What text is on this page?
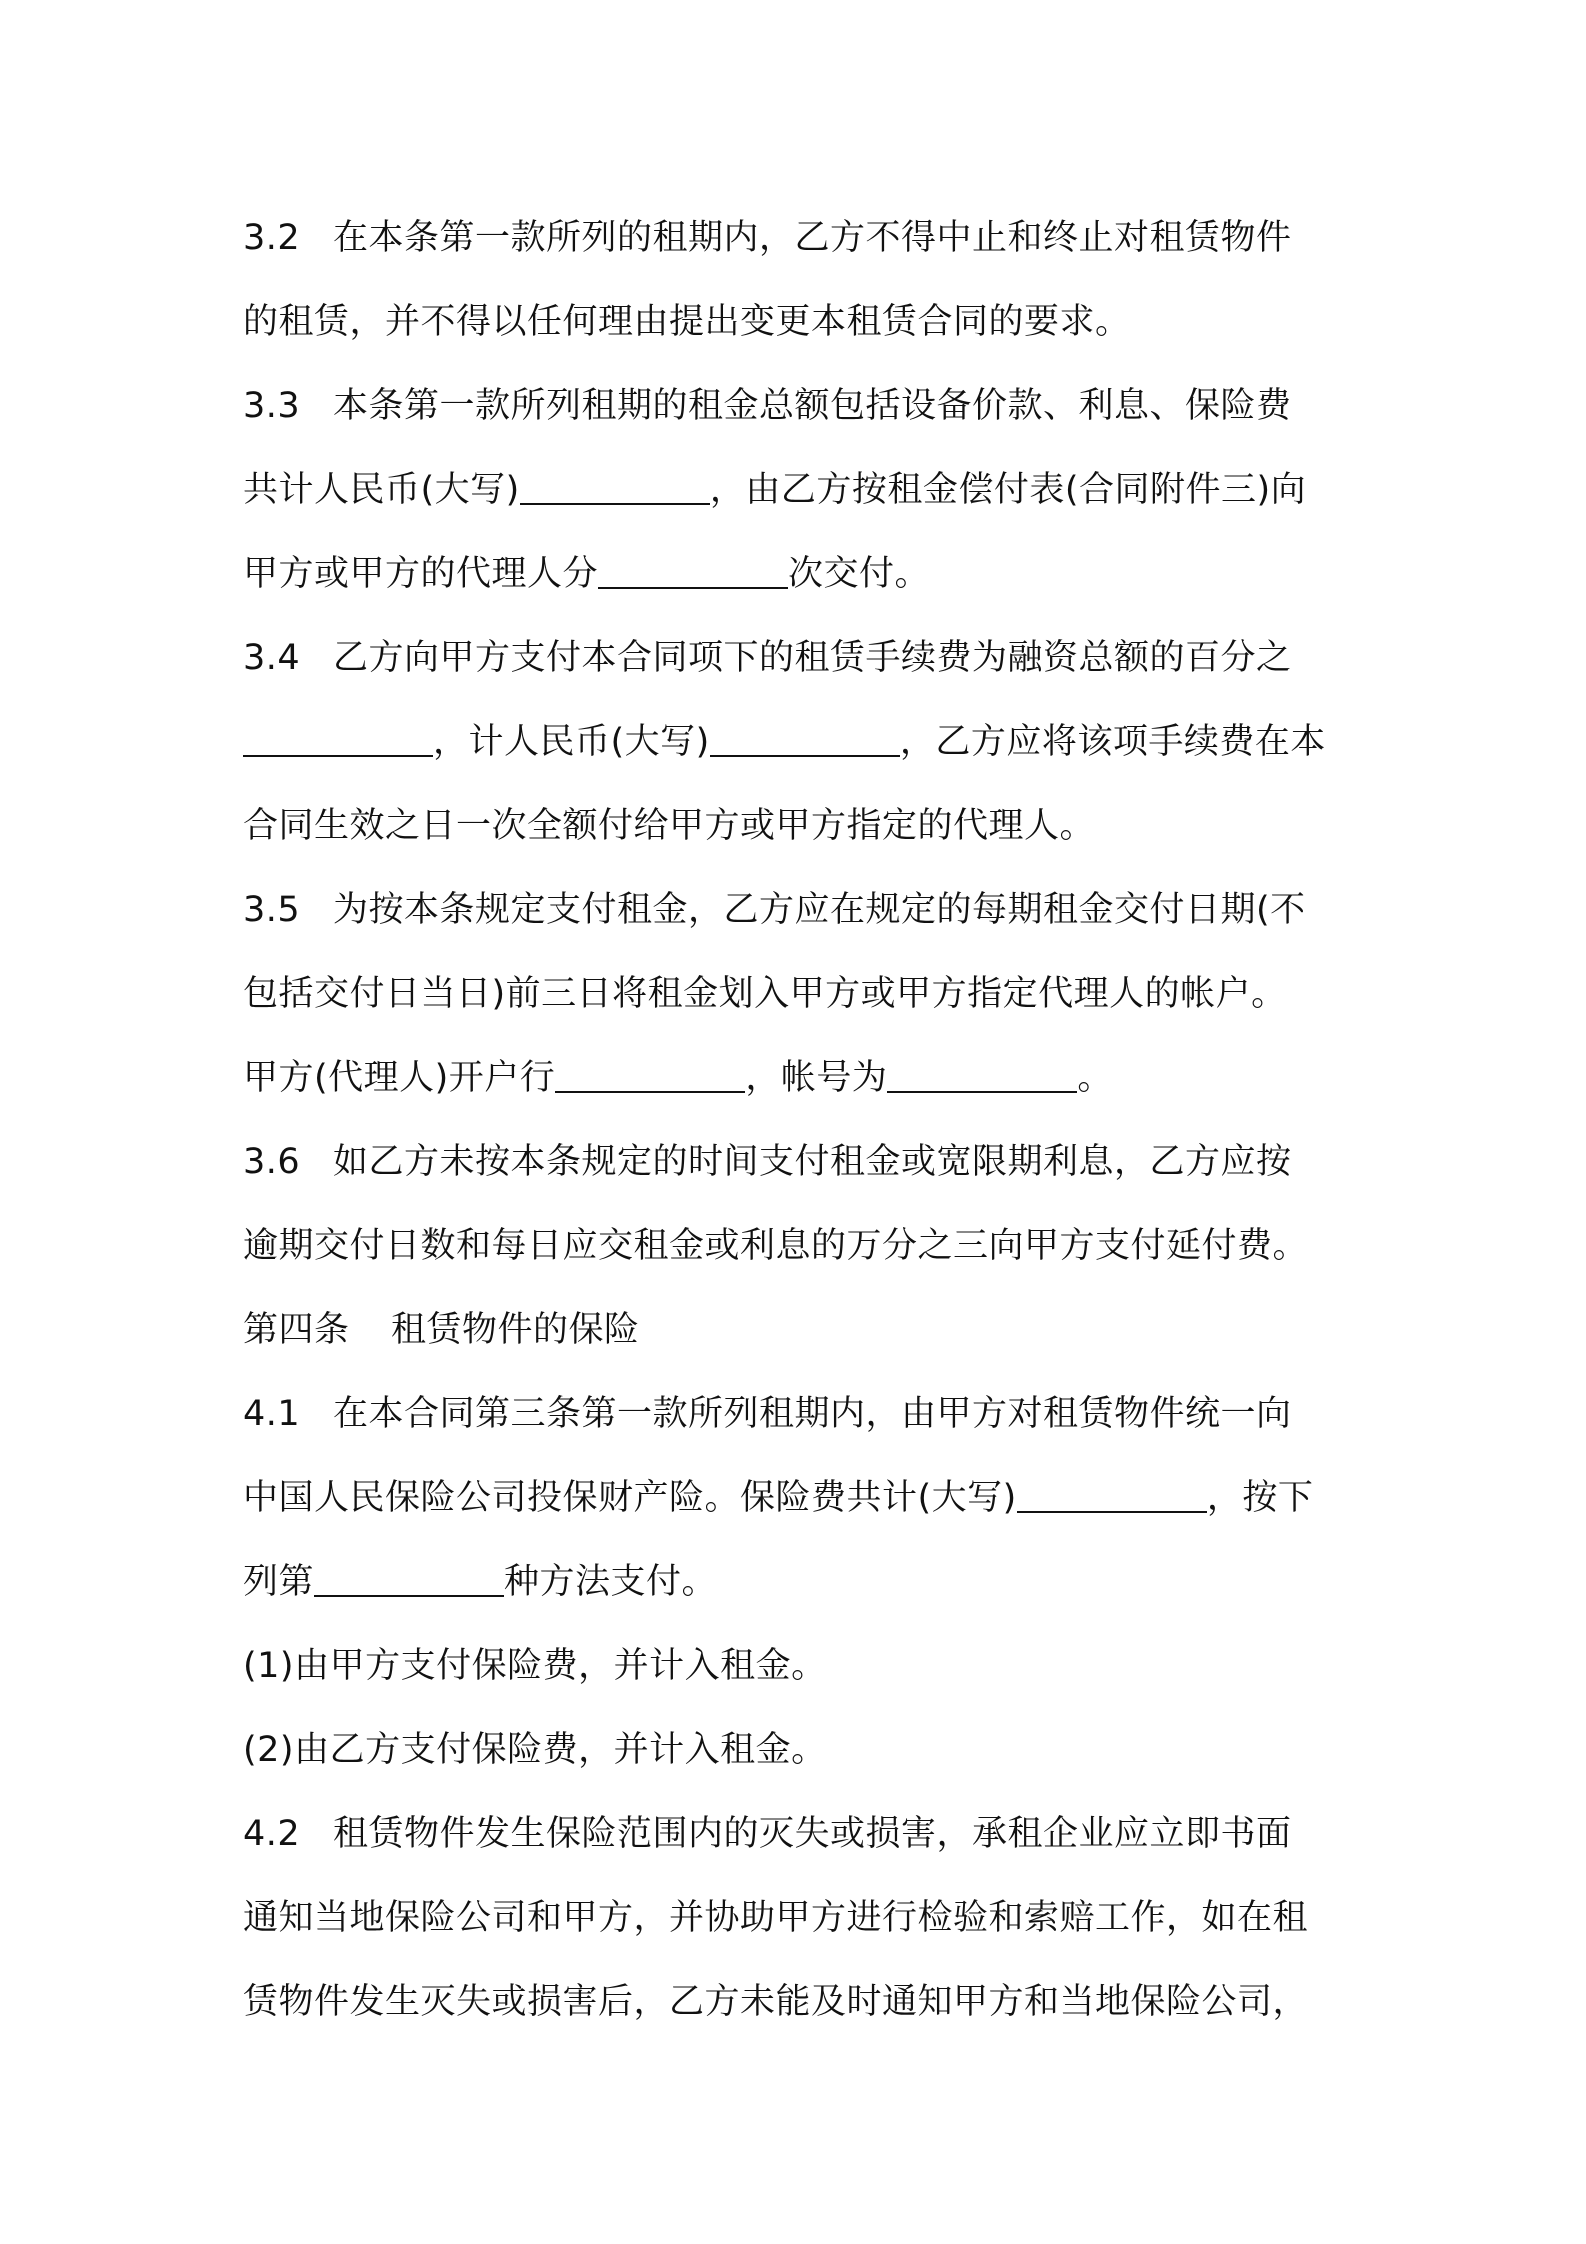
3.2 在本条第一款所列的租期内，乙方不得中止和终止对租赁物件
的租赁，并不得以任何理由提出变更本租赁合同的要求。
3.3 本条第一款所列租期的租金总额包括设备价款、利息、保险费
共计人民币(大写)	，由乙方按租金偿付表(合同附件三)向
甲方或甲方的代理人分	次交付。
3.4 乙方向甲方支付本合同项下的租赁手续费为融资总额的百分之
，计人民币(大写)	，乙方应将该项手续费在本
合同生效之日一次全额付给甲方或甲方指定的代理人。
3.5 为按本条规定支付租金，乙方应在规定的每期租金交付日期(不
包括交付日当日)前三日将租金划入甲方或甲方指定代理人的帐户。
甲方(代理人)开户行	，帐号为	。
3.6 如乙方未按本条规定的时间支付租金或宽限期利息，乙方应按
逾期交付日数和每日应交租金或利息的万分之三向甲方支付延付费。
第四条 租赁物件的保险
4.1 在本合同第三条第一款所列租期内，由甲方对租赁物件统一向
中国人民保险公司投保财产险。保险费共计(大写)	，按下
列第	种方法支付。
(1)由甲方支付保险费，并计入租金。
(2)由乙方支付保险费，并计入租金。
4.2 租赁物件发生保险范围内的灭失或损害，承租企业应立即书面
通知当地保险公司和甲方，并协助甲方进行检验和索赔工作，如在租
赁物件发生灭失或损害后，乙方未能及时通知甲方和当地保险公司，
